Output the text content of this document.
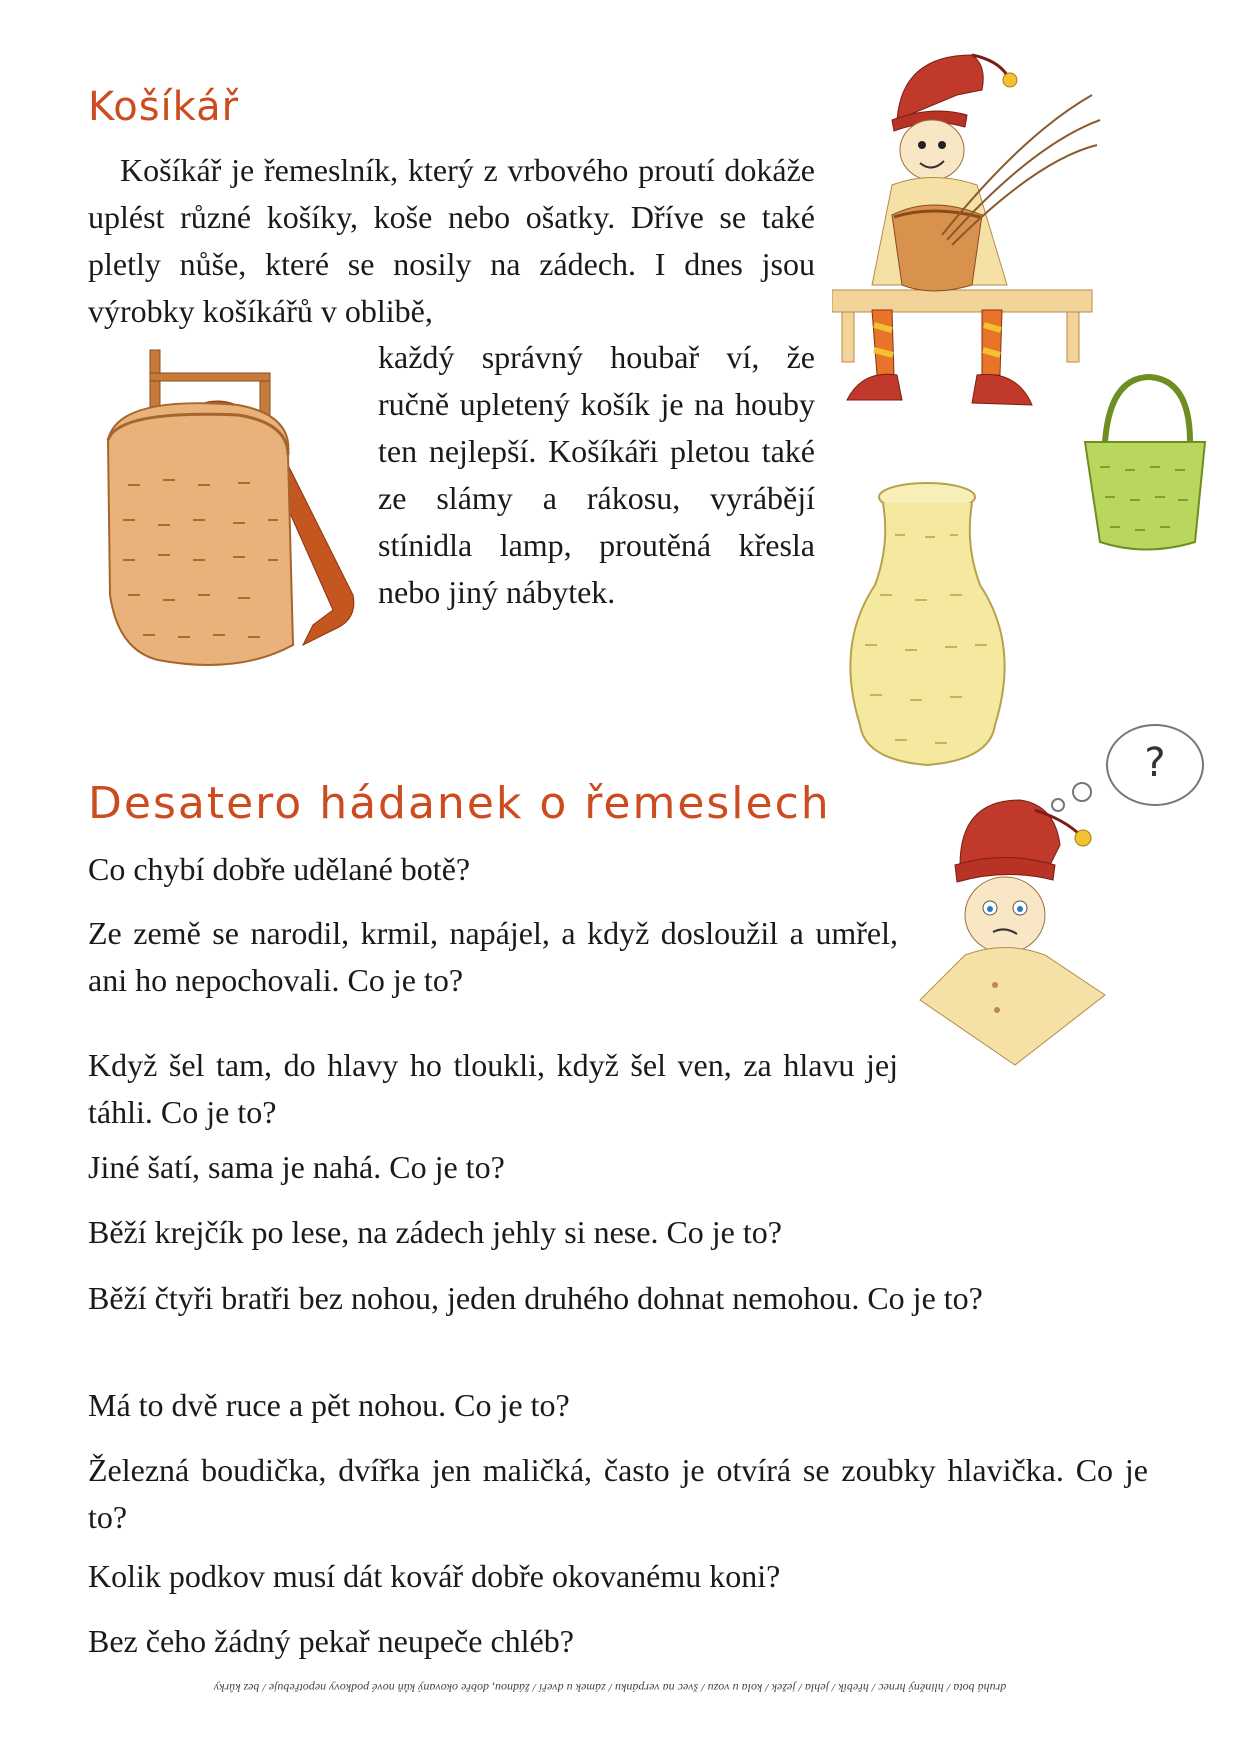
Košíkář

Košíkář je řemeslník, který z vrbového proutí dokáže uplést různé košíky, koše nebo ošatky. Dříve se také pletly nůše, které se nosily na zádech. I dnes jsou výrobky košíkářů v oblibě,

každý správný houbař ví, že ručně upletený košík je na houby ten nejlepší. Košíkáři pletou také ze slámy a rákosu, vyrábějí stínidla lamp, proutěná křesla nebo jiný nábytek.

?
Desatero hádanek o řemeslech

Co chybí dobře udělané botě?

Ze země se narodil, krmil, napájel, a když dosloužil a umřel, ani ho nepochovali. Co je to?

Když šel tam, do hlavy ho tloukli, když šel ven, za hlavu jej táhli. Co je to?

Jiné šatí, sama je nahá. Co je to?

Běží krejčík po lese, na zádech jehly si nese. Co je to?

Běží čtyři bratři bez nohou, jeden druhého dohnat nemohou. Co je to?

Má to dvě ruce a pět nohou. Co je to?

Železná boudička, dvířka jen maličká, často je otvírá se zoubky hlavička. Co je to?

Kolik podkov musí dát kovář dobře okovanému koni?

Bez čeho žádný pekař neupeče chléb?

druhá bota / hliněný hrnec / hřebík / jehla / ježek / kola u vozu / švec na verpánku / zámek u dveří / žádnou, dobře okovaný kůň nové podkovy nepotřebuje / bez kůrky
